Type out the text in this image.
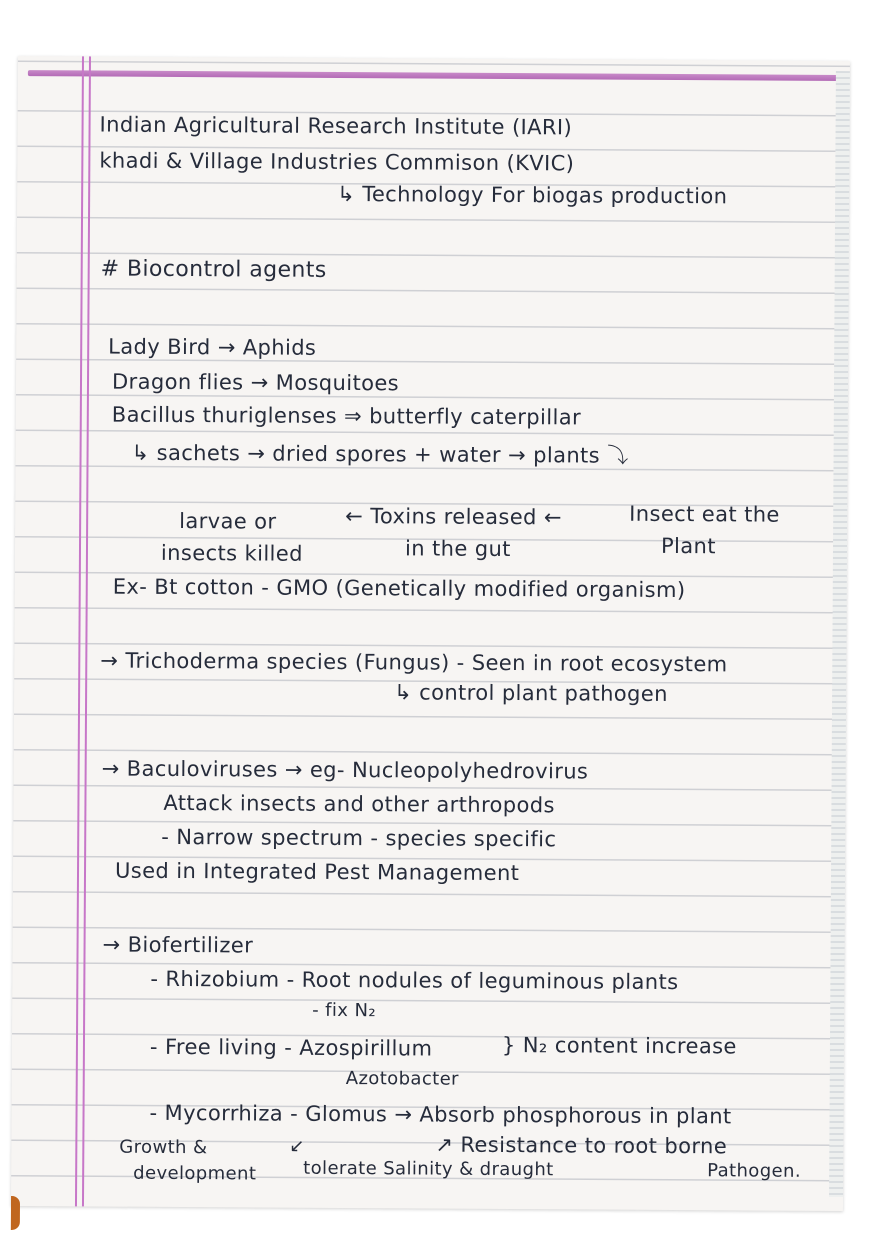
Indian Agricultural Research Institute (IARI)

khadi & Village Industries Commison (KVIC)

↳ Technology For biogas production

# Biocontrol agents

Lady Bird → Aphids

Dragon flies → Mosquitoes

Bacillus thuriglenses ⇒ butterfly caterpillar

↳ sachets → dried spores + water → plants ⤵

larvae or	← Toxins released ←	Insect eat the

insects killed	in the gut	Plant

Ex- Bt cotton - GMO (Genetically modified organism)

→ Trichoderma species (Fungus) - Seen in root ecosystem

↳ control plant pathogen

→ Baculoviruses → eg- Nucleopolyhedrovirus

Attack insects and other arthropods

- Narrow spectrum - species specific

Used in Integrated Pest Management

→ Biofertilizer

- Rhizobium - Root nodules of leguminous plants

- fix N₂

- Free living - Azospirillum	} N₂ content increase

Azotobacter

- Mycorrhiza - Glomus → Absorb phosphorous in plant

↗ Resistance to root borne

Growth &	↙

development	tolerate Salinity & draught	Pathogen.
